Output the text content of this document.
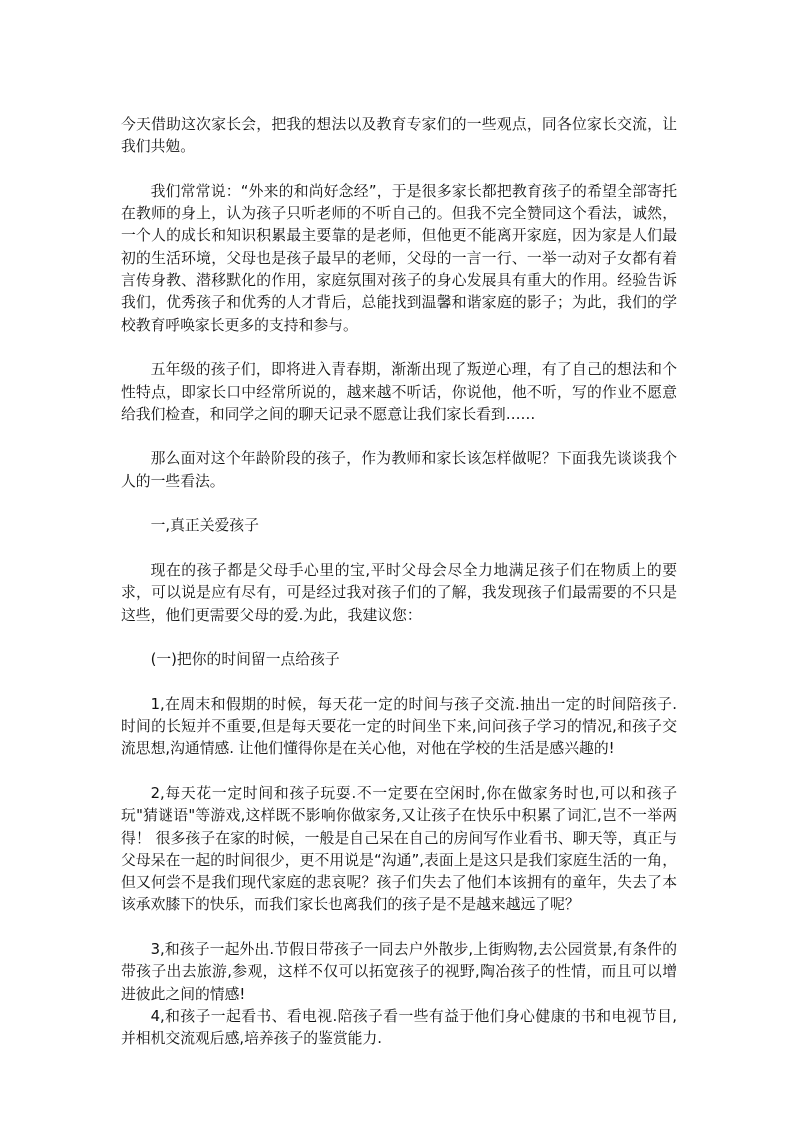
今天借助这次家长会，把我的想法以及教育专家们的一些观点，同各位家长交流，让我们共勉。

我们常常说：“外来的和尚好念经”，于是很多家长都把教育孩子的希望全部寄托在教师的身上，认为孩子只听老师的不听自己的。但我不完全赞同这个看法，诚然，一个人的成长和知识积累最主要靠的是老师，但他更不能离开家庭，因为家是人们最初的生活环境，父母也是孩子最早的老师，父母的一言一行、一举一动对子女都有着言传身教、潜移默化的作用，家庭氛围对孩子的身心发展具有重大的作用。经验告诉我们，优秀孩子和优秀的人才背后，总能找到温馨和谐家庭的影子；为此，我们的学校教育呼唤家长更多的支持和参与。

五年级的孩子们，即将进入青春期，渐渐出现了叛逆心理，有了自己的想法和个性特点，即家长口中经常所说的，越来越不听话，你说他，他不听，写的作业不愿意给我们检查，和同学之间的聊天记录不愿意让我们家长看到……

那么面对这个年龄阶段的孩子，作为教师和家长该怎样做呢？下面我先谈谈我个人的一些看法。

一,真正关爱孩子

现在的孩子都是父母手心里的宝,平时父母会尽全力地满足孩子们在物质上的要求，可以说是应有尽有，可是经过我对孩子们的了解，我发现孩子们最需要的不只是这些，他们更需要父母的爱.为此，我建议您：

(一)把你的时间留一点给孩子

1,在周末和假期的时候，每天花一定的时间与孩子交流.抽出一定的时间陪孩子.时间的长短并不重要,但是每天要花一定的时间坐下来,问问孩子学习的情况,和孩子交流思想,沟通情感. 让他们懂得你是在关心他，对他在学校的生活是感兴趣的!

2,每天花一定时间和孩子玩耍.不一定要在空闲时,你在做家务时也,可以和孩子玩"猜谜语"等游戏,这样既不影响你做家务,又让孩子在快乐中积累了词汇,岂不一举两得！ 很多孩子在家的时候，一般是自己呆在自己的房间写作业看书、聊天等，真正与父母呆在一起的时间很少，更不用说是“沟通”,表面上是这只是我们家庭生活的一角，但又何尝不是我们现代家庭的悲哀呢？孩子们失去了他们本该拥有的童年，失去了本该承欢膝下的快乐，而我们家长也离我们的孩子是不是越来越远了呢？

3,和孩子一起外出.节假日带孩子一同去户外散步,上街购物,去公园赏景,有条件的带孩子出去旅游,参观，这样不仅可以拓宽孩子的视野,陶冶孩子的性情，而且可以增进彼此之间的情感!

4,和孩子一起看书、看电视.陪孩子看一些有益于他们身心健康的书和电视节目,并相机交流观后感,培养孩子的鉴赏能力.
